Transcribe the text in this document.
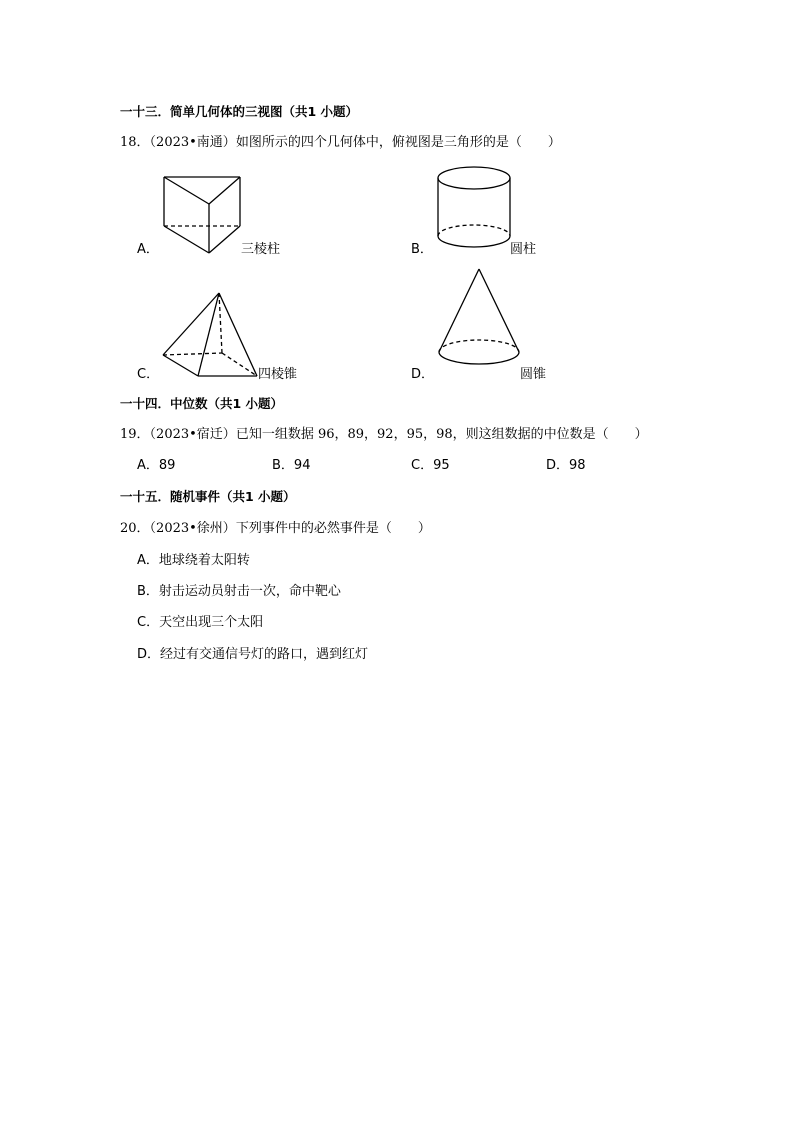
一十三．简单几何体的三视图（共1 小题）
18．（2023•南通）如图所示的四个几何体中，俯视图是三角形的是（　　）
A．	三棱柱	B．	圆柱
C．	四棱锥	D．	圆锥
一十四．中位数（共1 小题）
19．（2023•宿迁）已知一组数据 96，89，92，95，98，则这组数据的中位数是（　　）
A．89	B．94	C．95	D．98
一十五．随机事件（共1 小题）
20．（2023•徐州）下列事件中的必然事件是（　　）
A．地球绕着太阳转
B．射击运动员射击一次，命中靶心
C．天空出现三个太阳
D．经过有交通信号灯的路口，遇到红灯
